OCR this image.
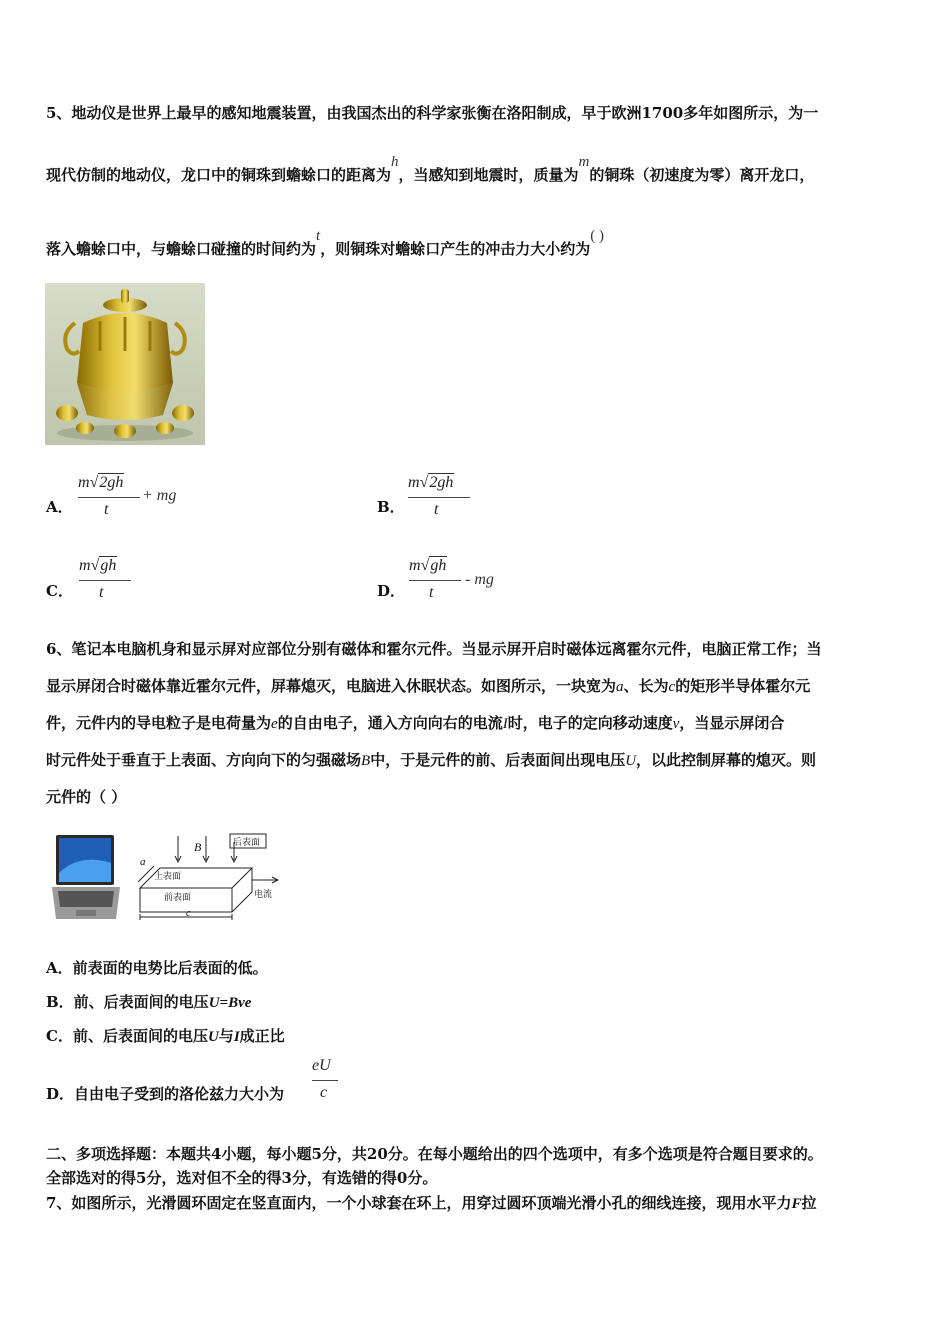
5、地动仪是世界上最早的感知地震装置，由我国杰出的科学家张衡在洛阳制成，早于欧洲1700多年如图所示，为一
现代仿制的地动仪，龙口中的铜珠到蟾蜍口的距离为h，当感知到地震时，质量为m的铜珠（初速度为零）离开龙口，
落入蟾蜍口中，与蟾蜍口碰撞的时间约为t，则铜珠对蟾蜍口产生的冲击力大小约为( )
A．
m√2gh
t
+ mg
B．
m√2gh
t
C．
m√gh
t	D．
m√gh
t
- mg
6、笔记本电脑机身和显示屏对应部位分别有磁体和霍尔元件。当显示屏开启时磁体远离霍尔元件，电脑正常工作；当
显示屏闭合时磁体靠近霍尔元件，屏幕熄灭，电脑进入休眠状态。如图所示，一块宽为a、长为c的矩形半导体霍尔元
件，元件内的导电粒子是电荷量为e的自由电子，通入方向向右的电流I时，电子的定向移动速度v，当显示屏闭合
时元件处于垂直于上表面、方向向下的匀强磁场B中，于是元件的前、后表面间出现电压U，以此控制屏幕的熄灭。则
元件的（ ）
B	后表面
上表面
前表面	电流
a
c
A．前表面的电势比后表面的低。
B．前、后表面间的电压U=Bve
C．前、后表面间的电压U与I成正比
D．自由电子受到的洛伦兹力大小为
eU
c
二、多项选择题：本题共4小题，每小题5分，共20分。在每小题给出的四个选项中，有多个选项是符合题目要求的。
全部选对的得5分，选对但不全的得3分，有选错的得0分。
7、如图所示，光滑圆环固定在竖直面内，一个小球套在环上，用穿过圆环顶端光滑小孔的细线连接，现用水平力F拉
